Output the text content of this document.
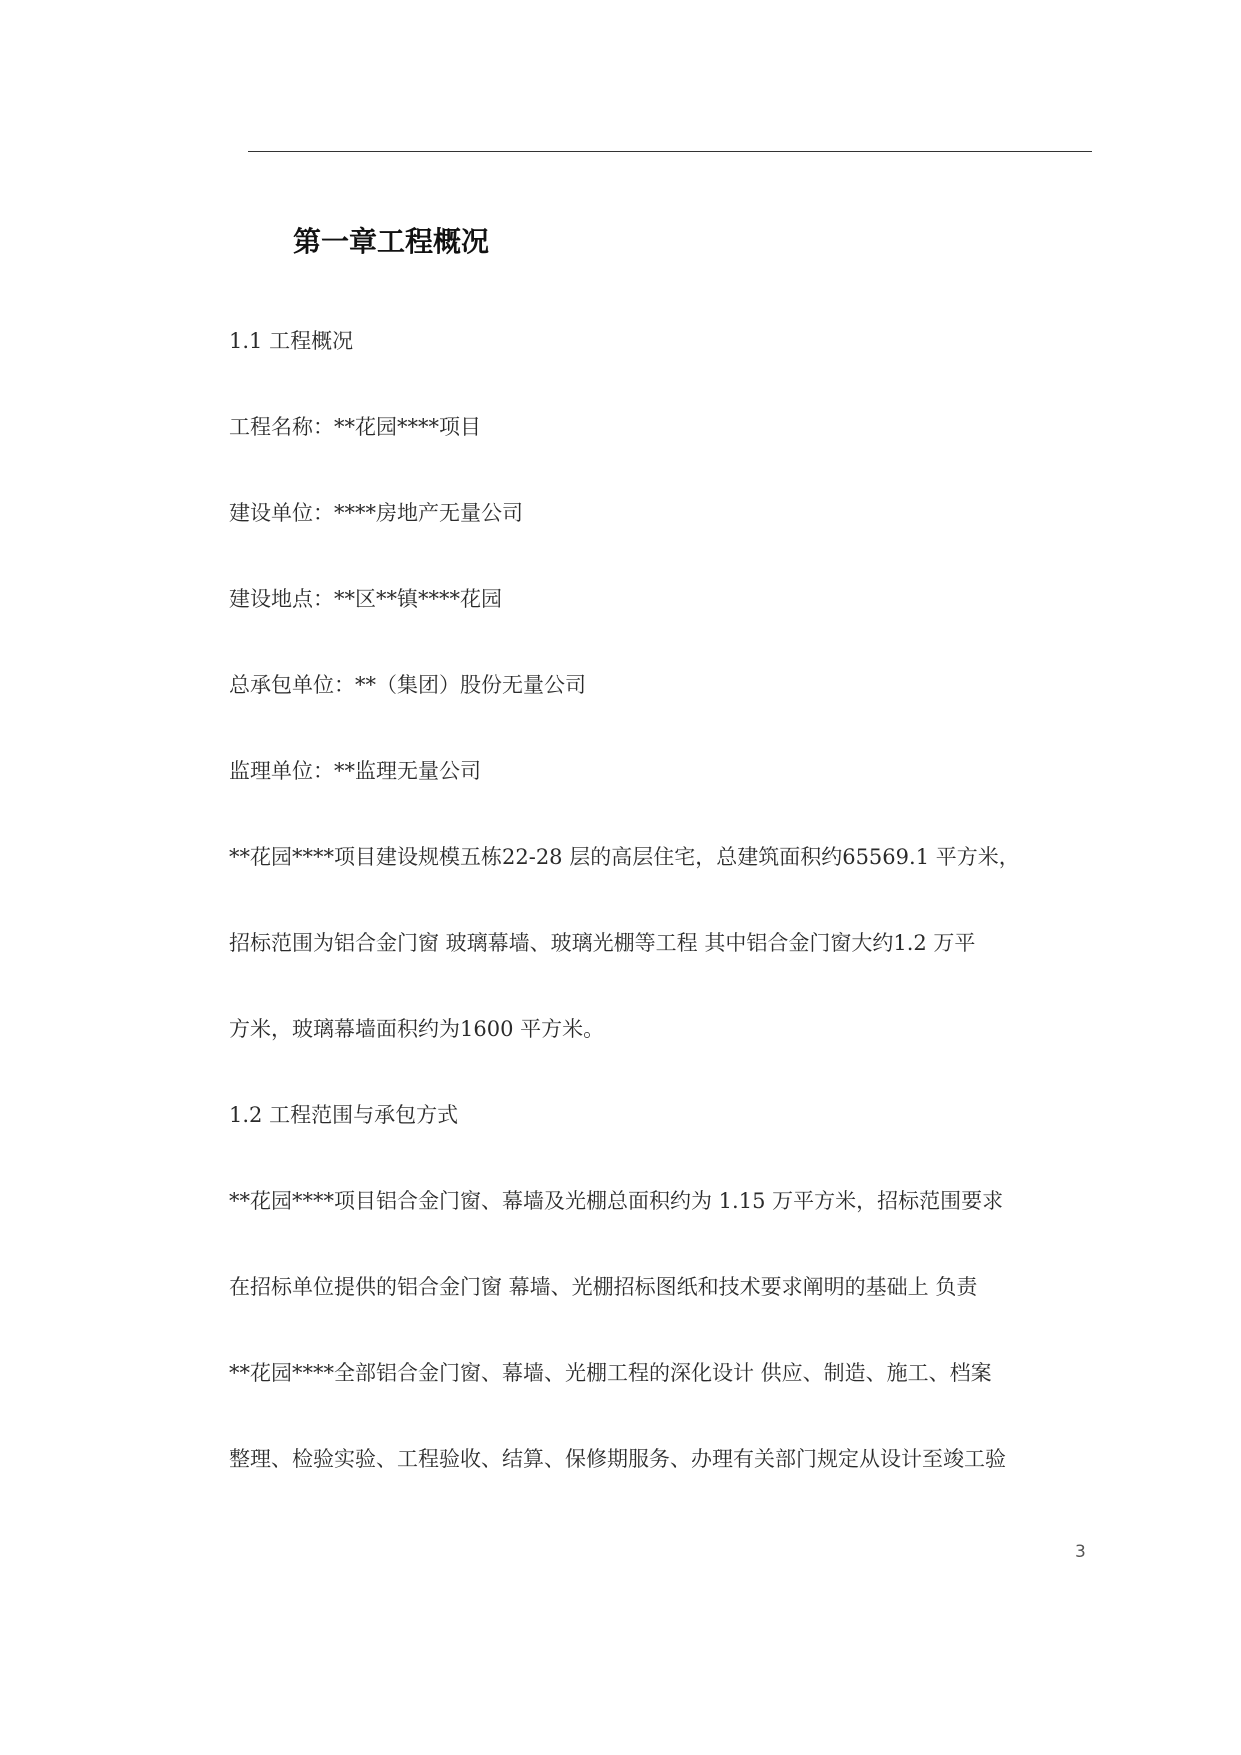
第一章工程概况
1.1 工程概况
工程名称：**花园****项目
建设单位：****房地产无量公司
建设地点：**区**镇****花园
总承包单位：**（集团）股份无量公司
监理单位：**监理无量公司
**花园****项目建设规模五栋22-28 层的高层住宅，总建筑面积约65569.1 平方米，
招标范围为铝合金门窗 玻璃幕墙、玻璃光棚等工程 其中铝合金门窗大约1.2 万平
方米，玻璃幕墙面积约为1600 平方米。
1.2 工程范围与承包方式
**花园****项目铝合金门窗、幕墙及光棚总面积约为 1.15 万平方米，招标范围要求
在招标单位提供的铝合金门窗 幕墙、光棚招标图纸和技术要求阐明的基础上 负责
**花园****全部铝合金门窗、幕墙、光棚工程的深化设计 供应、制造、施工、档案
整理、检验实验、工程验收、结算、保修期服务、办理有关部门规定从设计至竣工验
3
